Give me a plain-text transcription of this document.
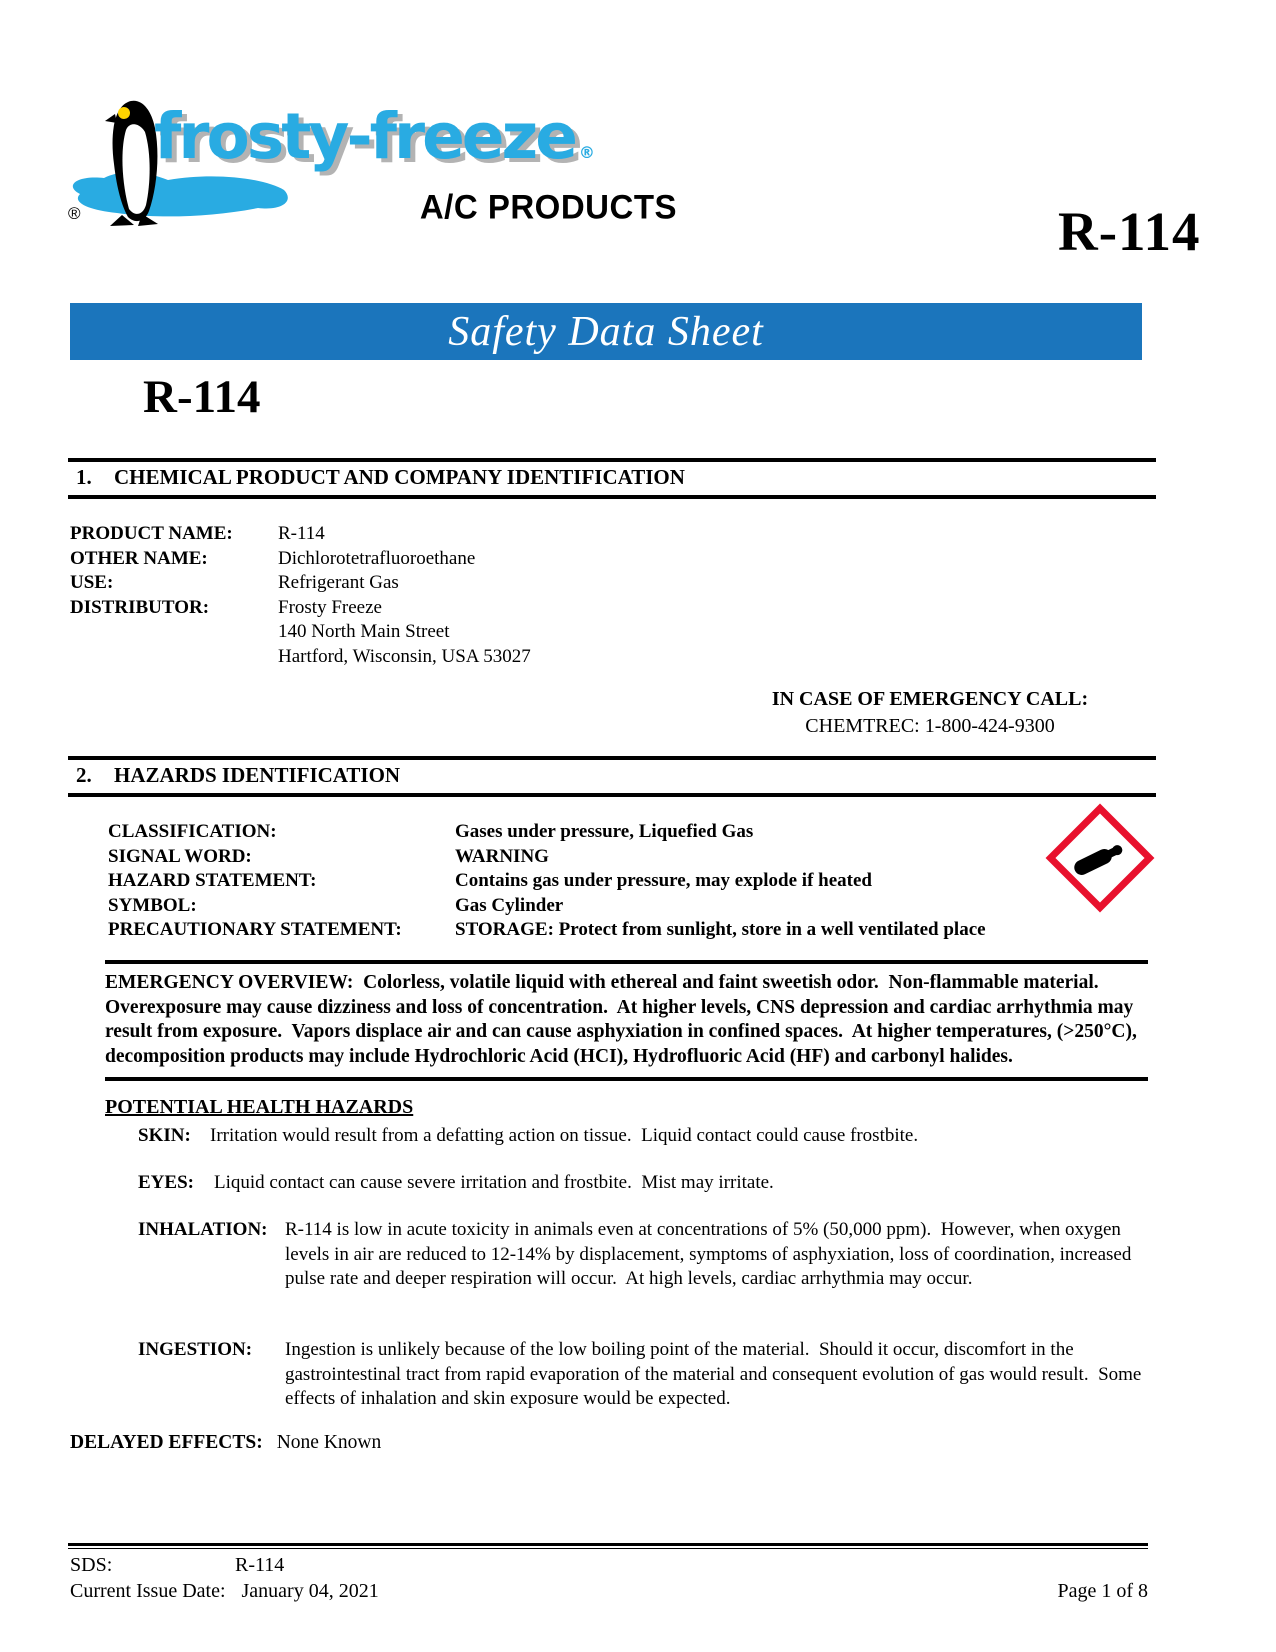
®
frosty-freeze ®
A/C PRODUCTS	R-114
Safety Data Sheet
R-114
1.	CHEMICAL PRODUCT AND COMPANY IDENTIFICATION
PRODUCT NAME:	R-114
OTHER NAME:	Dichlorotetrafluoroethane
USE:	Refrigerant Gas
DISTRIBUTOR:	Frosty Freeze
140 North Main Street
Hartford, Wisconsin, USA 53027
IN CASE OF EMERGENCY CALL:
CHEMTREC: 1-800-424-9300
2.	HAZARDS IDENTIFICATION
CLASSIFICATION:	Gases under pressure, Liquefied Gas
SIGNAL WORD:	WARNING
HAZARD STATEMENT:	Contains gas under pressure, may explode if heated
SYMBOL:	Gas Cylinder
PRECAUTIONARY STATEMENT:	STORAGE: Protect from sunlight, store in a well ventilated place
EMERGENCY OVERVIEW:  Colorless, volatile liquid with ethereal and faint sweetish odor.  Non-flammable material. Overexposure may cause dizziness and loss of concentration.  At higher levels, CNS depression and cardiac arrhythmia may result from exposure.  Vapors displace air and can cause asphyxiation in confined spaces.  At higher temperatures, (>250°C), decomposition products may include Hydrochloric Acid (HCI), Hydrofluoric Acid (HF) and carbonyl halides.
POTENTIAL HEALTH HAZARDS
SKIN:	Irritation would result from a defatting action on tissue.  Liquid contact could cause frostbite.
EYES:	Liquid contact can cause severe irritation and frostbite.  Mist may irritate.
INHALATION: R-114 is low in acute toxicity in animals even at concentrations of 5% (50,000 ppm).  However, when oxygen levels in air are reduced to 12-14% by displacement, symptoms of asphyxiation, loss of coordination, increased pulse rate and deeper respiration will occur.  At high levels, cardiac arrhythmia may occur.
INGESTION:	Ingestion is unlikely because of the low boiling point of the material.  Should it occur, discomfort in the gastrointestinal tract from rapid evaporation of the material and consequent evolution of gas would result.  Some effects of inhalation and skin exposure would be expected.
DELAYED EFFECTS: None Known
SDS:	R-114
Current Issue Date: January 04, 2021	Page 1 of 8
